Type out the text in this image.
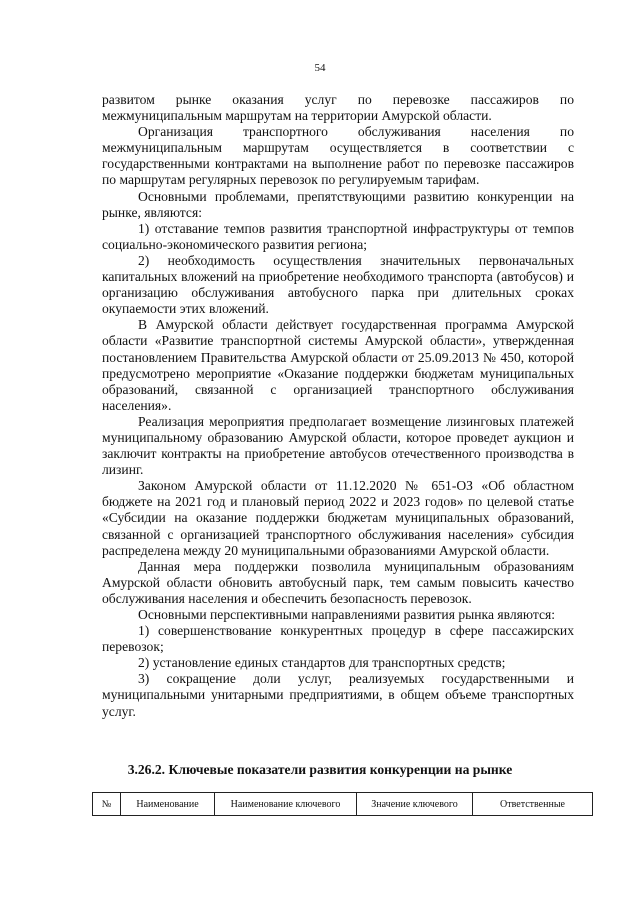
54

развитом рынке оказания услуг по перевозке пассажиров по межмуниципальным маршрутам на территории Амурской области.

Организация транспортного обслуживания населения по межмуниципальным маршрутам осуществляется в соответствии с государственными контрактами на выполнение работ по перевозке пассажиров по маршрутам регулярных перевозок по регулируемым тарифам.

Основными проблемами, препятствующими развитию конкуренции на рынке, являются:

1) отставание темпов развития транспортной инфраструктуры от темпов социально-экономического развития региона;

2) необходимость осуществления значительных первоначальных капитальных вложений на приобретение необходимого транспорта (автобусов) и организацию обслуживания автобусного парка при длительных сроках окупаемости этих вложений.

В Амурской области действует государственная программа Амурской области «Развитие транспортной системы Амурской области», утвержденная постановлением Правительства Амурской области от 25.09.2013 № 450, которой предусмотрено мероприятие «Оказание поддержки бюджетам муниципальных образований, связанной с организацией транспортного обслуживания населения».

Реализация мероприятия предполагает возмещение лизинговых платежей муниципальному образованию Амурской области, которое проведет аукцион и заключит контракты на приобретение автобусов отечественного производства в лизинг.

Законом Амурской области от 11.12.2020 № 651-ОЗ «Об областном бюджете на 2021 год и плановый период 2022 и 2023 годов» по целевой статье «Субсидии на оказание поддержки бюджетам муниципальных образований, связанной с организацией транспортного обслуживания населения» субсидия распределена между 20 муниципальными образованиями Амурской области.

Данная мера поддержки позволила муниципальным образованиям Амурской области обновить автобусный парк, тем самым повысить качество обслуживания населения и обеспечить безопасность перевозок.

Основными перспективными направлениями развития рынка являются:

1) совершенствование конкурентных процедур в сфере пассажирских перевозок;

2) установление единых стандартов для транспортных средств;

3) сокращение доли услуг, реализуемых государственными и муниципальными унитарными предприятиями, в общем объеме транспортных услуг.

3.26.2. Ключевые показатели развития конкуренции на рынке
№	Наименование	Наименование ключевого	Значение ключевого	Ответственные
